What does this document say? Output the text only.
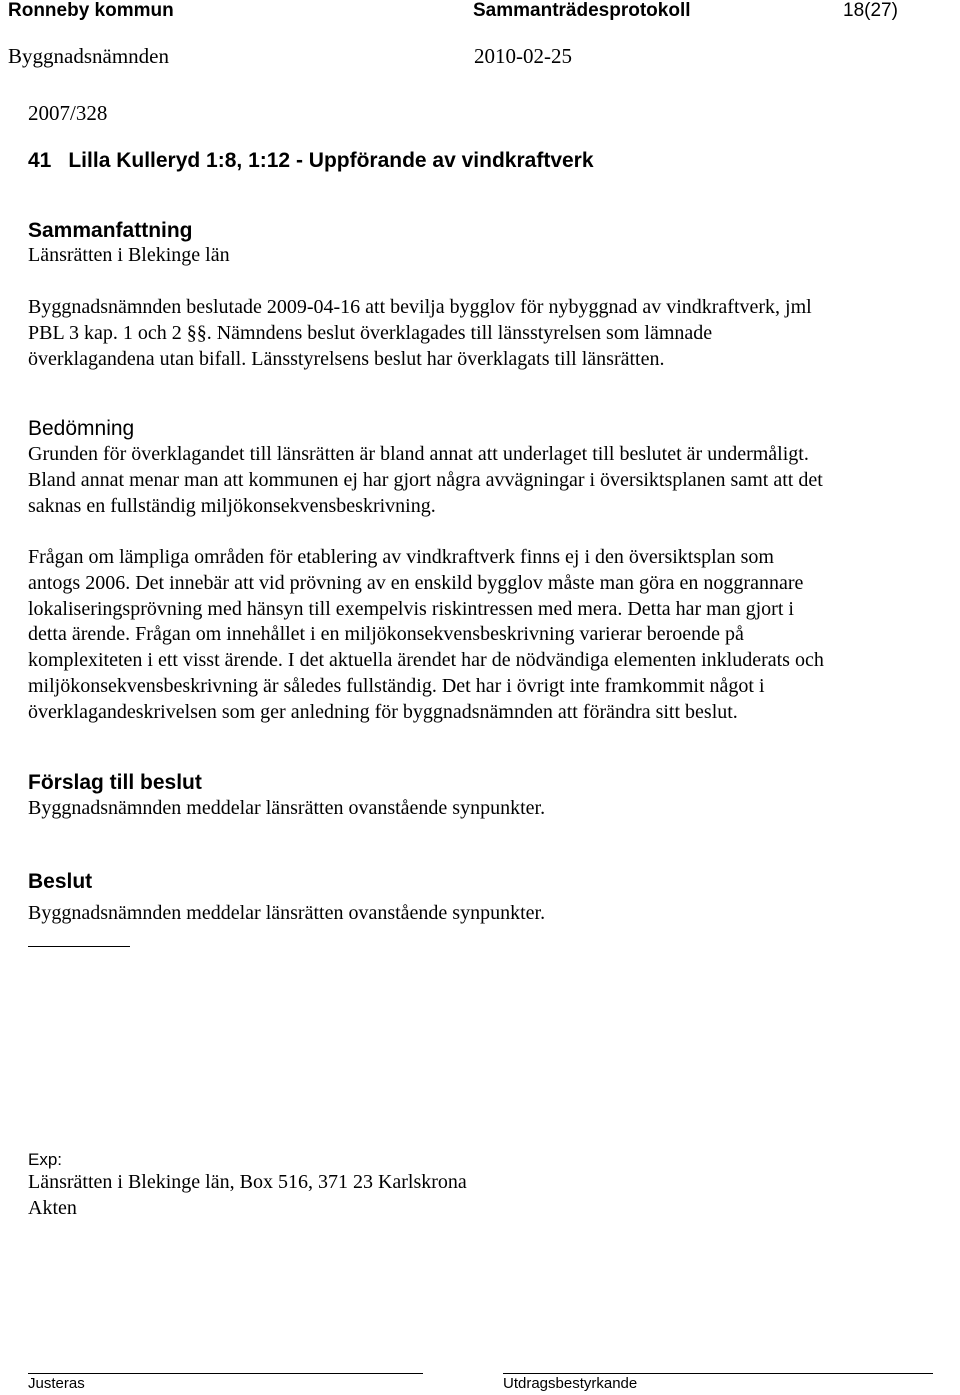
Ronneby kommun	Sammanträdesprotokoll	18(27)
Byggnadsnämnden	2010-02-25
2007/328
41 Lilla Kulleryd 1:8, 1:12 - Uppförande av vindkraftverk
Sammanfattning
Länsrätten i Blekinge län
Byggnadsnämnden beslutade 2009-04-16 att bevilja bygglov för nybyggnad av vindkraftverk, jml
PBL 3 kap. 1 och 2 §§. Nämndens beslut överklagades till länsstyrelsen som lämnade
överklagandena utan bifall. Länsstyrelsens beslut har överklagats till länsrätten.
Bedömning
Grunden för överklagandet till länsrätten är bland annat att underlaget till beslutet är undermåligt.
Bland annat menar man att kommunen ej har gjort några avvägningar i översiktsplanen samt att det
saknas en fullständig miljökonsekvensbeskrivning.
Frågan om lämpliga områden för etablering av vindkraftverk finns ej i den översiktsplan som
antogs 2006. Det innebär att vid prövning av en enskild bygglov måste man göra en noggrannare
lokaliseringsprövning med hänsyn till exempelvis riskintressen med mera. Detta har man gjort i
detta ärende. Frågan om innehållet i en miljökonsekvensbeskrivning varierar beroende på
komplexiteten i ett visst ärende. I det aktuella ärendet har de nödvändiga elementen inkluderats och
miljökonsekvensbeskrivning är således fullständig. Det har i övrigt inte framkommit något i
överklagandeskrivelsen som ger anledning för byggnadsnämnden att förändra sitt beslut.
Förslag till beslut
Byggnadsnämnden meddelar länsrätten ovanstående synpunkter.
Beslut
Byggnadsnämnden meddelar länsrätten ovanstående synpunkter.
Exp:
Länsrätten i Blekinge län, Box 516, 371 23 Karlskrona
Akten
Justeras	Utdragsbestyrkande
